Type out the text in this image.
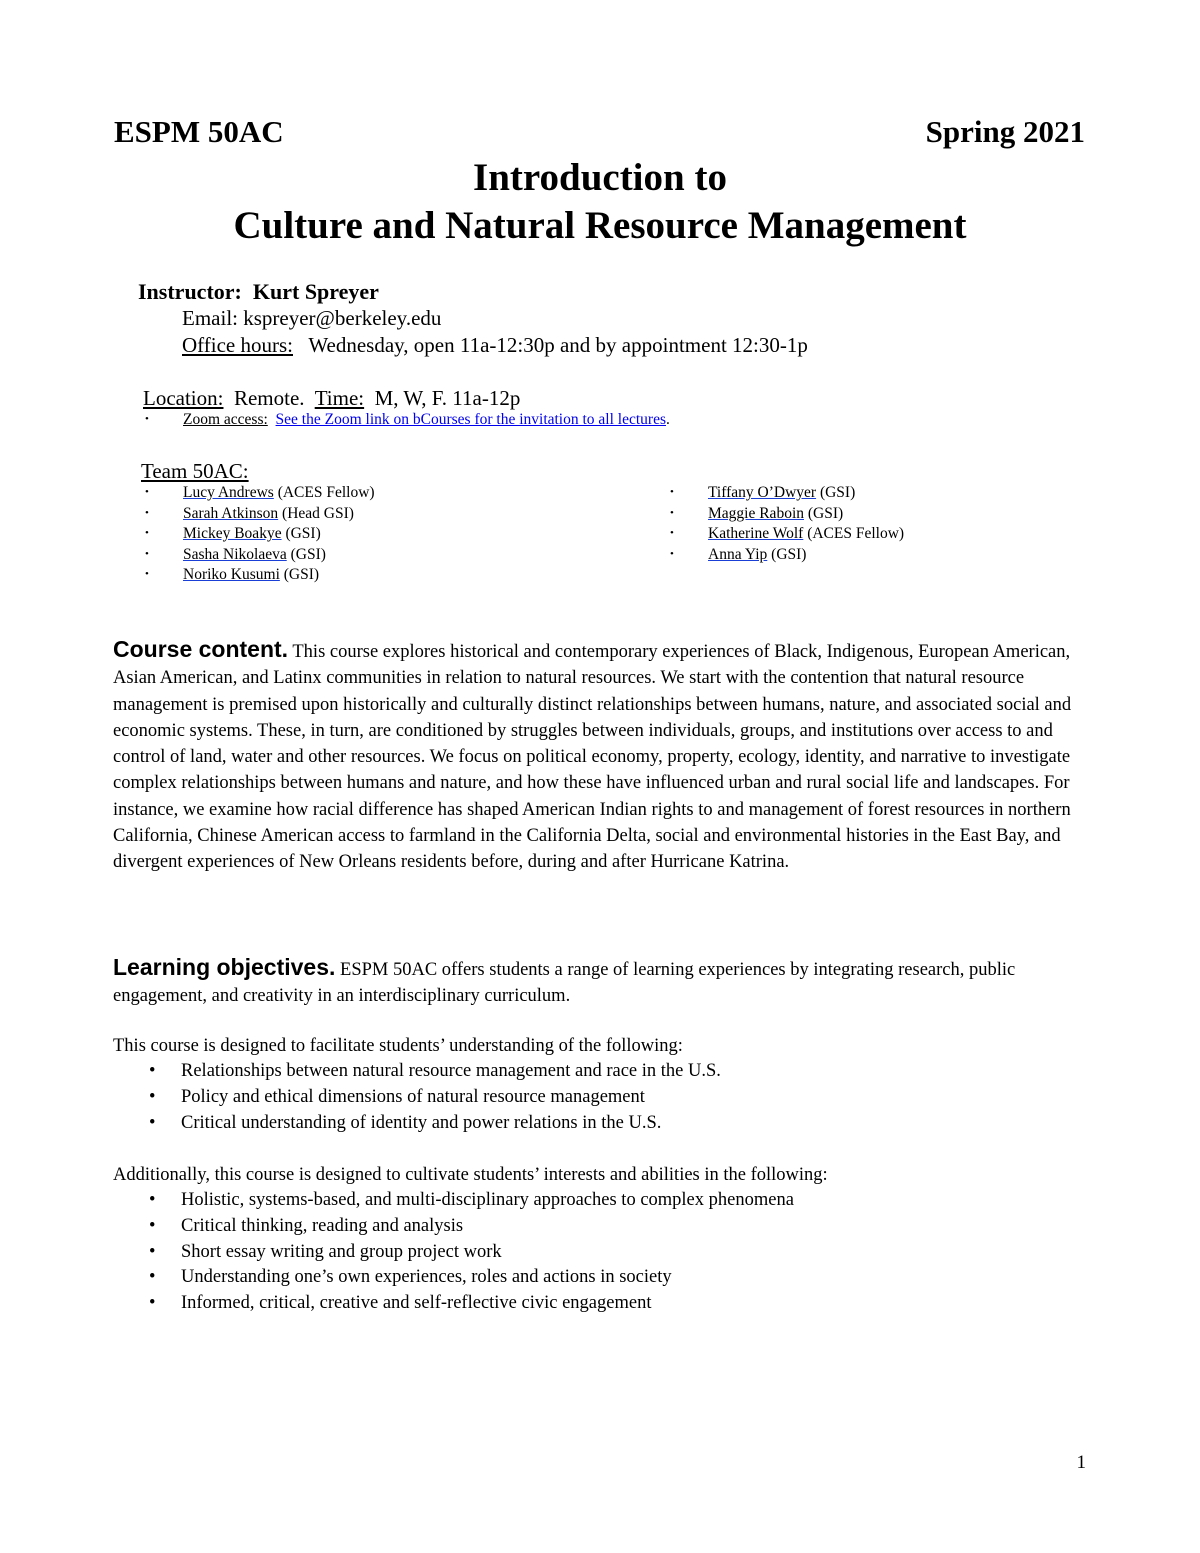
ESPM 50AC	Spring 2021
Introduction to
Culture and Natural Resource Management
Instructor: Kurt Spreyer
Email: kspreyer@berkeley.edu
Office hours: Wednesday, open 11a-12:30p and by appointment 12:30-1p
Location: Remote. Time: M, W, F. 11a-12p
• Zoom access: See the Zoom link on bCourses for the invitation to all lectures.
Team 50AC:
• Lucy Andrews (ACES Fellow)
• Sarah Atkinson (Head GSI)
• Mickey Boakye (GSI)
• Sasha Nikolaeva (GSI)
• Noriko Kusumi (GSI)
• Tiffany O’Dwyer (GSI)
• Maggie Raboin (GSI)
• Katherine Wolf (ACES Fellow)
• Anna Yip (GSI)
Course content. This course explores historical and contemporary experiences of Black, Indigenous, European American, Asian American, and Latinx communities in relation to natural resources. We start with the contention that natural resource management is premised upon historically and culturally distinct relationships between humans, nature, and associated social and economic systems. These, in turn, are conditioned by struggles between individuals, groups, and institutions over access to and control of land, water and other resources. We focus on political economy, property, ecology, identity, and narrative to investigate complex relationships between humans and nature, and how these have influenced urban and rural social life and landscapes. For instance, we examine how racial difference has shaped American Indian rights to and management of forest resources in northern California, Chinese American access to farmland in the California Delta, social and environmental histories in the East Bay, and divergent experiences of New Orleans residents before, during and after Hurricane Katrina.
Learning objectives. ESPM 50AC offers students a range of learning experiences by integrating research, public engagement, and creativity in an interdisciplinary curriculum.
This course is designed to facilitate students’ understanding of the following:
•	Relationships between natural resource management and race in the U.S.
•	Policy and ethical dimensions of natural resource management
•	Critical understanding of identity and power relations in the U.S.
Additionally, this course is designed to cultivate students’ interests and abilities in the following:
•	Holistic, systems-based, and multi-disciplinary approaches to complex phenomena
•	Critical thinking, reading and analysis
•	Short essay writing and group project work
•	Understanding one’s own experiences, roles and actions in society
•	Informed, critical, creative and self-reflective civic engagement
1
